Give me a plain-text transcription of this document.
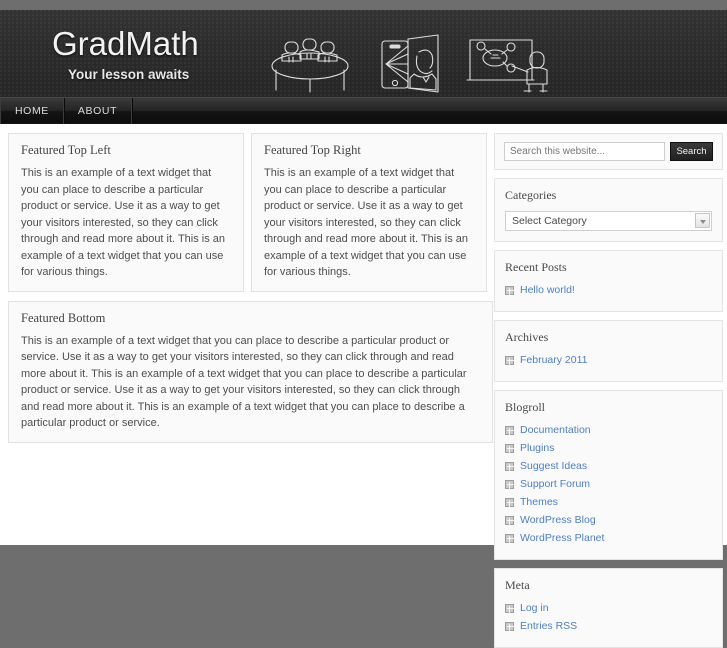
GradMath
Your lesson awaits
HOME	ABOUT
Featured Top Left

This is an example of a text widget that you can place to describe a particular product or service. Use it as a way to get your visitors interested, so they can click through and read more about it. This is an example of a text widget that you can use for various things.

Featured Top Right

This is an example of a text widget that you can place to describe a particular product or service. Use it as a way to get your visitors interested, so they can click through and read more about it. This is an example of a text widget that you can use for various things.

Featured Bottom

This is an example of a text widget that you can place to describe a particular product or service. Use it as a way to get your visitors interested, so they can click through and read more about it. This is an example of a text widget that you can place to describe a particular product or service. Use it as a way to get your visitors interested, so they can click through and read more about it. This is an example of a text widget that you can place to describe a particular product or service.

Search this website...
Search
Categories
Select Category
Recent Posts
Hello world!
Archives
February 2011
Blogroll
Documentation
Plugins
Suggest Ideas
Support Forum
Themes
WordPress Blog
WordPress Planet
Meta
Log in
Entries RSS
